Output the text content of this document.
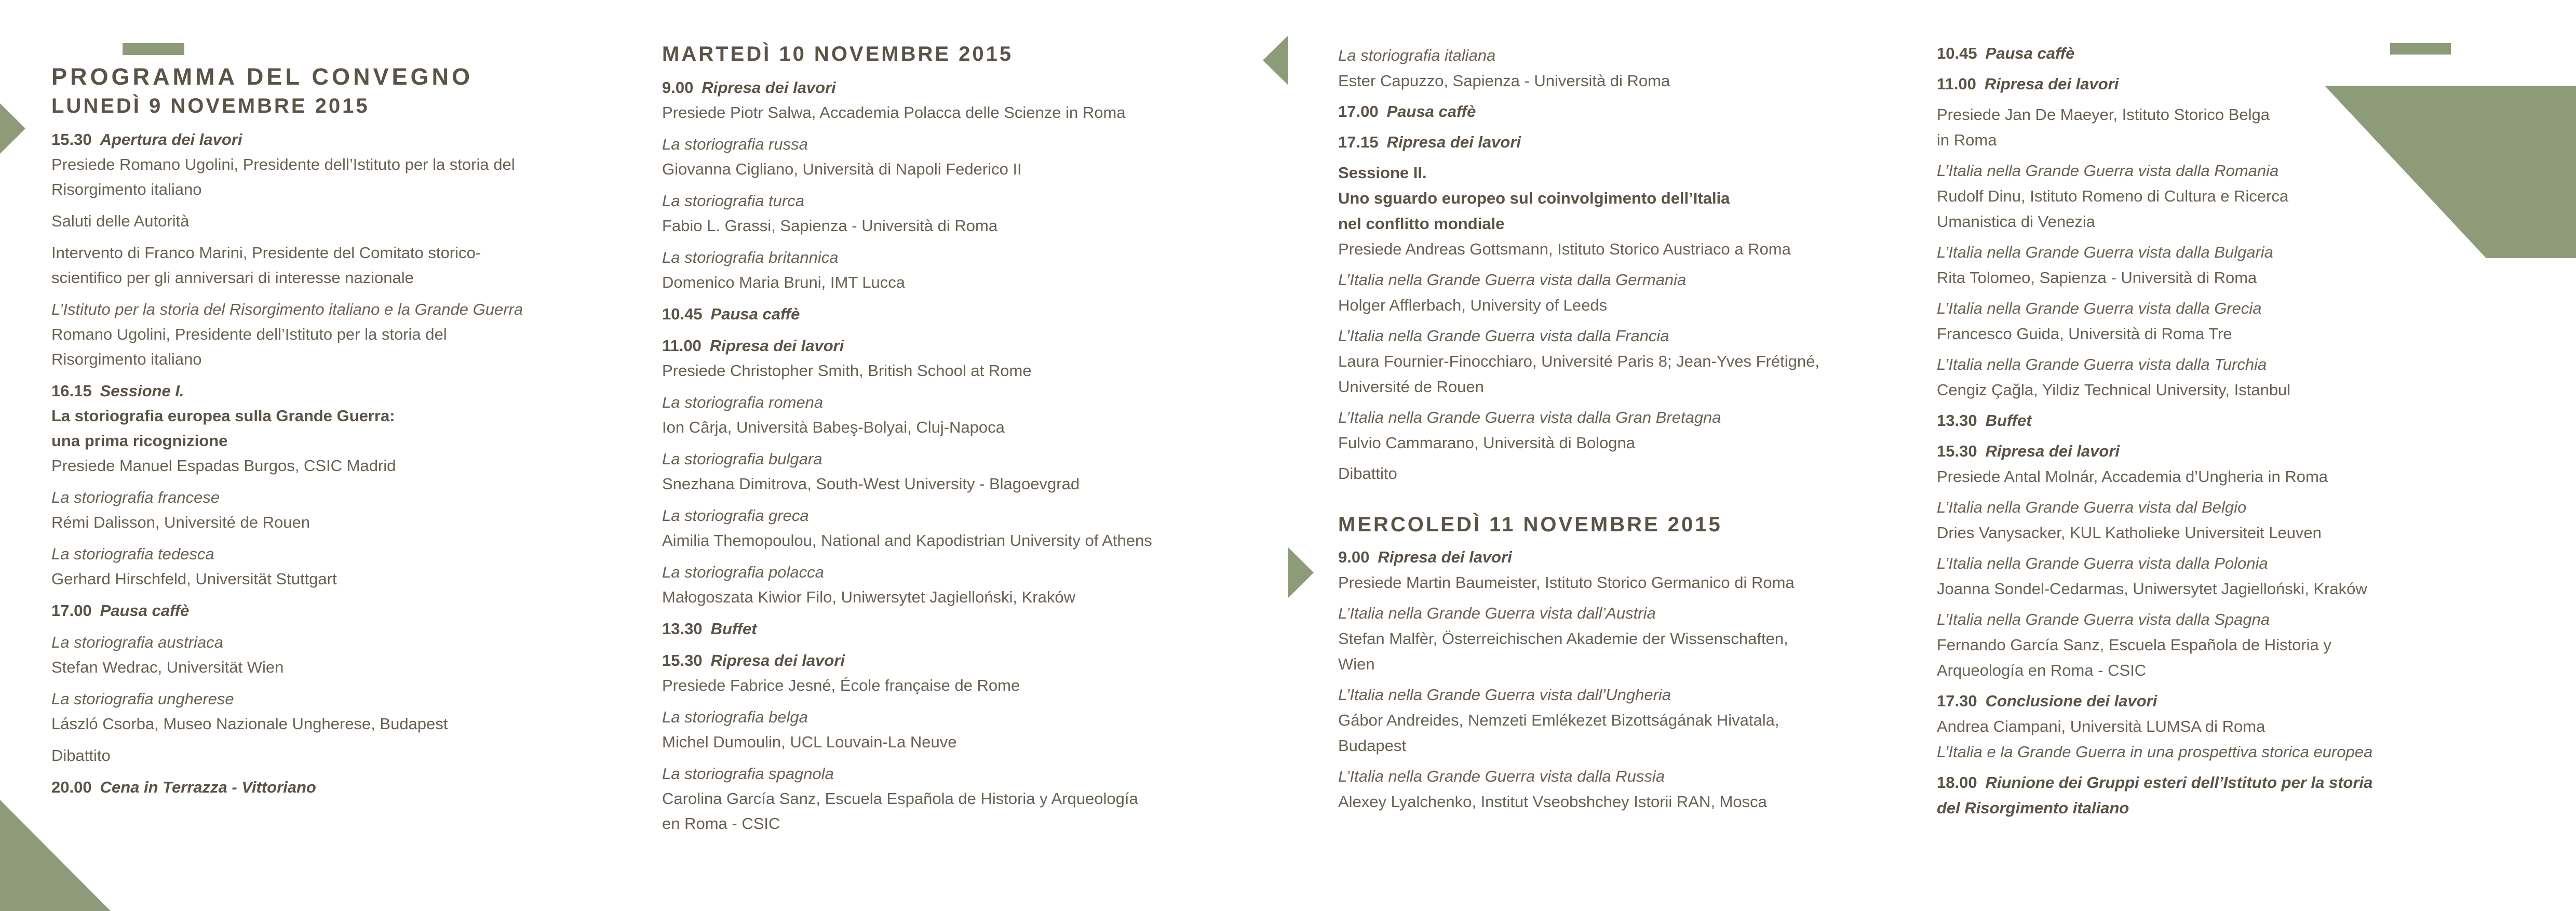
PROGRAMMA DEL CONVEGNO
LUNEDÌ 9 NOVEMBRE 2015
15.30 Apertura dei lavori
Presiede Romano Ugolini, Presidente dell’Istituto per la storia del
Risorgimento italiano
Saluti delle Autorità
Intervento di Franco Marini, Presidente del Comitato storico-
scientifico per gli anniversari di interesse nazionale
L’Istituto per la storia del Risorgimento italiano e la Grande Guerra
Romano Ugolini, Presidente dell’Istituto per la storia del
Risorgimento italiano
16.15 Sessione I.
La storiografia europea sulla Grande Guerra:
una prima ricognizione
Presiede Manuel Espadas Burgos, CSIC Madrid
La storiografia francese
Rémi Dalisson, Université de Rouen
La storiografia tedesca
Gerhard Hirschfeld, Universität Stuttgart
17.00 Pausa caffè
La storiografia austriaca
Stefan Wedrac, Universität Wien
La storiografia ungherese
László Csorba, Museo Nazionale Ungherese, Budapest
Dibattito
20.00 Cena in Terrazza - Vittoriano
MARTEDÌ 10 NOVEMBRE 2015
9.00 Ripresa dei lavori
Presiede Piotr Salwa, Accademia Polacca delle Scienze in Roma
La storiografia russa
Giovanna Cigliano, Università di Napoli Federico II
La storiografia turca
Fabio L. Grassi, Sapienza - Università di Roma
La storiografia britannica
Domenico Maria Bruni, IMT Lucca
10.45 Pausa caffè
11.00 Ripresa dei lavori
Presiede Christopher Smith, British School at Rome
La storiografia romena
Ion Cârja, Università Babeş-Bolyai, Cluj-Napoca
La storiografia bulgara
Snezhana Dimitrova, South-West University - Blagoevgrad
La storiografia greca
Aimilia Themopoulou, National and Kapodistrian University of Athens
La storiografia polacca
Małogoszata Kiwior Filo, Uniwersytet Jagielloński, Kraków
13.30 Buffet
15.30 Ripresa dei lavori
Presiede Fabrice Jesné, École française de Rome
La storiografia belga
Michel Dumoulin, UCL Louvain-La Neuve
La storiografia spagnola
Carolina García Sanz, Escuela Española de Historia y Arqueología
en Roma - CSIC
La storiografia italiana
Ester Capuzzo, Sapienza - Università di Roma
17.00 Pausa caffè
17.15 Ripresa dei lavori
Sessione II.
Uno sguardo europeo sul coinvolgimento dell’Italia
nel conflitto mondiale
Presiede Andreas Gottsmann, Istituto Storico Austriaco a Roma
L’Italia nella Grande Guerra vista dalla Germania
Holger Afflerbach, University of Leeds
L’Italia nella Grande Guerra vista dalla Francia
Laura Fournier-Finocchiaro, Université Paris 8; Jean-Yves Frétigné,
Université de Rouen
L’Italia nella Grande Guerra vista dalla Gran Bretagna
Fulvio Cammarano, Università di Bologna
Dibattito
MERCOLEDÌ 11 NOVEMBRE 2015
9.00 Ripresa dei lavori
Presiede Martin Baumeister, Istituto Storico Germanico di Roma
L’Italia nella Grande Guerra vista dall’Austria
Stefan Malfèr, Österreichischen Akademie der Wissenschaften,
Wien
L’Italia nella Grande Guerra vista dall’Ungheria
Gábor Andreides, Nemzeti Emlékezet Bizottságának Hivatala,
Budapest
L’Italia nella Grande Guerra vista dalla Russia
Alexey Lyalchenko, Institut Vseobshchey Istorii RAN, Mosca
10.45 Pausa caffè
11.00 Ripresa dei lavori
Presiede Jan De Maeyer, Istituto Storico Belga
in Roma
L’Italia nella Grande Guerra vista dalla Romania
Rudolf Dinu, Istituto Romeno di Cultura e Ricerca
Umanistica di Venezia
L’Italia nella Grande Guerra vista dalla Bulgaria
Rita Tolomeo, Sapienza - Università di Roma
L’Italia nella Grande Guerra vista dalla Grecia
Francesco Guida, Università di Roma Tre
L’Italia nella Grande Guerra vista dalla Turchia
Cengiz Çağla, Yildiz Technical University, Istanbul
13.30 Buffet
15.30 Ripresa dei lavori
Presiede Antal Molnár, Accademia d’Ungheria in Roma
L’Italia nella Grande Guerra vista dal Belgio
Dries Vanysacker, KUL Katholieke Universiteit Leuven
L’Italia nella Grande Guerra vista dalla Polonia
Joanna Sondel-Cedarmas, Uniwersytet Jagielloński, Kraków
L’Italia nella Grande Guerra vista dalla Spagna
Fernando García Sanz, Escuela Española de Historia y
Arqueología en Roma - CSIC
17.30 Conclusione dei lavori
Andrea Ciampani, Università LUMSA di Roma
L’Italia e la Grande Guerra in una prospettiva storica europea
18.00 Riunione dei Gruppi esteri dell’Istituto per la storia
del Risorgimento italiano
